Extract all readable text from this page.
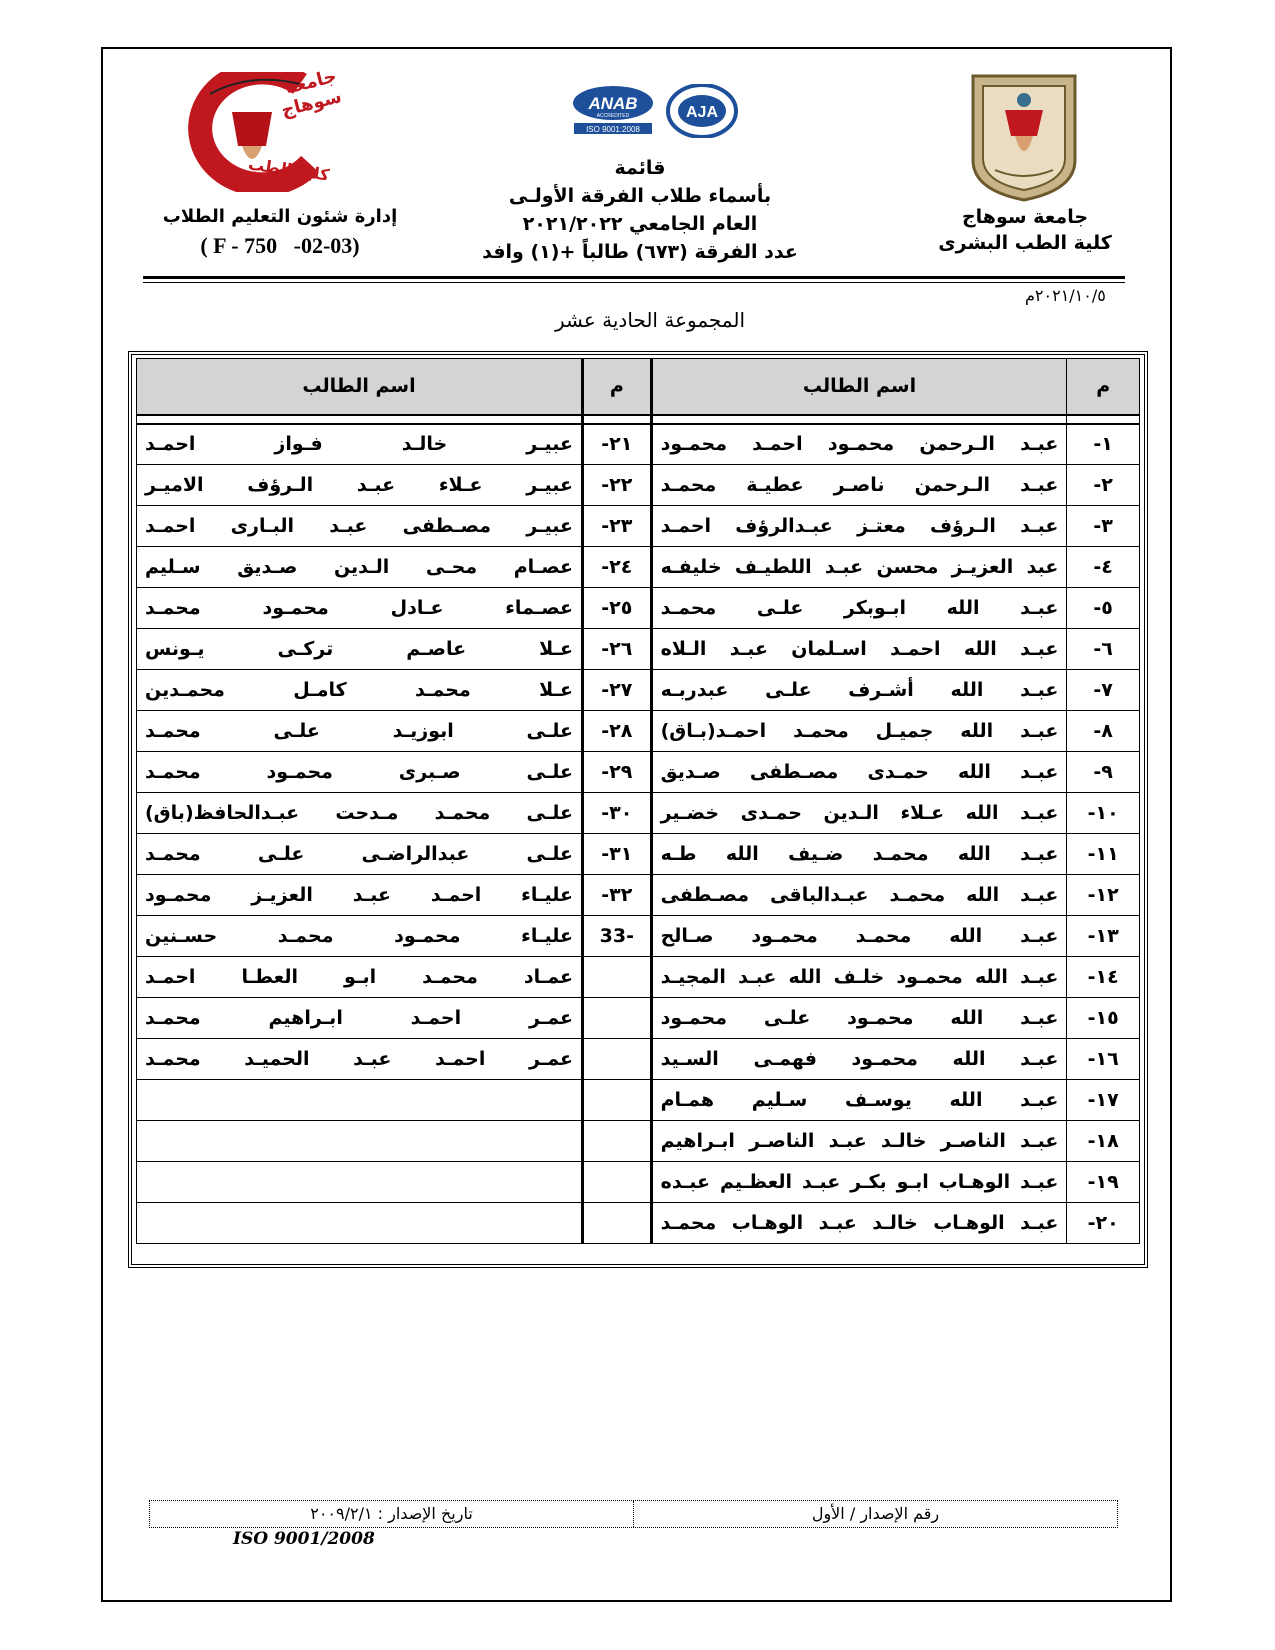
جامعة سوهاج
كلية الطب البشرى
ANAB
ACCREDITED
ISO 9001:2008
AJA
قائمة
بأسماء طلاب الفرقة الأولـى
العام الجامعي ٢٠٢١/٢٠٢٢
عدد الفرقة (٦٧٣) طالباً +(١) وافد
جامعة سوهاج
كلية الطب
إدارة شئون التعليم الطلاب
( F - 750   -02-03)
٢٠٢١/١٠/٥م
المجموعة الحادية عشر
اسم الطالب	م	اسم الطالب	م

عبيـر خالـد فـواز احمـد	٢١-	عبـد الـرحمن محمـود احمـد محمـود	١-
عبيـر عـلاء عبـد الـرؤف الاميـر	٢٢-	عبـد الـرحمن ناصـر عطيـة محمـد	٢-
عبيـر مصـطفى عبـد البـارى احمـد	٢٣-	عبـد الـرؤف معتـز عبـدالرؤف احمـد	٣-
عصـام محـى الـدين صـديق سـليم	٢٤-	عبد العزيـز محسن عبـد اللطيـف خليفـه	٤-
عصـماء عـادل محمـود محمـد	٢٥-	عبـد الله ابـوبكر علـى محمـد	٥-
عـلا عاصـم تركـى يـونس	٢٦-	عبـد الله احمـد اسـلمان عبـد الـلاه	٦-
عـلا محمـد كامـل محمـدين	٢٧-	عبـد الله أشـرف علـى عبدربـه	٧-
علـى ابوزيـد علـى محمـد	٢٨-	عبـد الله جميـل محمـد احمـد(بـاق)	٨-
علـى صـبرى محمـود محمـد	٢٩-	عبـد الله حمـدى مصـطفى صـديق	٩-
علـى محمـد مـدحت عبـدالحافظ(باق)	٣٠-	عبـد الله عـلاء الـدين حمـدى خضـير	١٠-
علـى عبدالراضـى علـى محمـد	٣١-	عبـد الله محمـد ضـيف الله طـه	١١-
عليـاء احمـد عبـد العزيـز محمـود	٣٢-	عبـد الله محمـد عبـدالباقى مصـطفى	١٢-
عليـاء محمـود محمـد حسـنين	-33	عبـد الله محمـد محمـود صـالح	١٣-
عمـاد محمـد ابـو العطـا احمـد		عبـد الله محمـود خلـف الله عبـد المجيـد	١٤-
عمـر احمـد ابـراهيم محمـد		عبـد الله محمـود علـى محمـود	١٥-
عمـر احمـد عبـد الحميـد محمـد		عبـد الله محمـود فهمـى السـيد	١٦-
		عبـد الله يوسـف سـليم همـام	١٧-
		عبـد الناصـر خالـد عبـد الناصـر ابـراهيم	١٨-
		عبـد الوهـاب ابـو بكـر عبـد العظـيم عبـده	١٩-
		عبـد الوهـاب خالـد عبـد الوهـاب محمـد	٢٠-
تاريخ الإصدار : ٢٠٠٩/٢/١	رقم الإصدار / الأول
ISO 9001/2008
